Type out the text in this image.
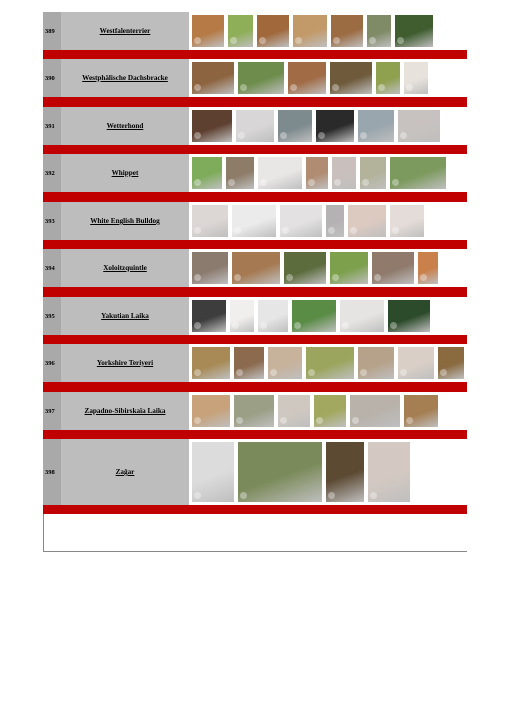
389	Westfalenterrier
390	Westphälische Dachsbracke
391	Wetterhond
392	Whippet
393	White English Bulldog
394	Xoloitzquintle
395	Yakutian Laika
396	Yorkshire Teriyeri
397	Zapadno-Sibirskaïa Laika
398	Zağar
